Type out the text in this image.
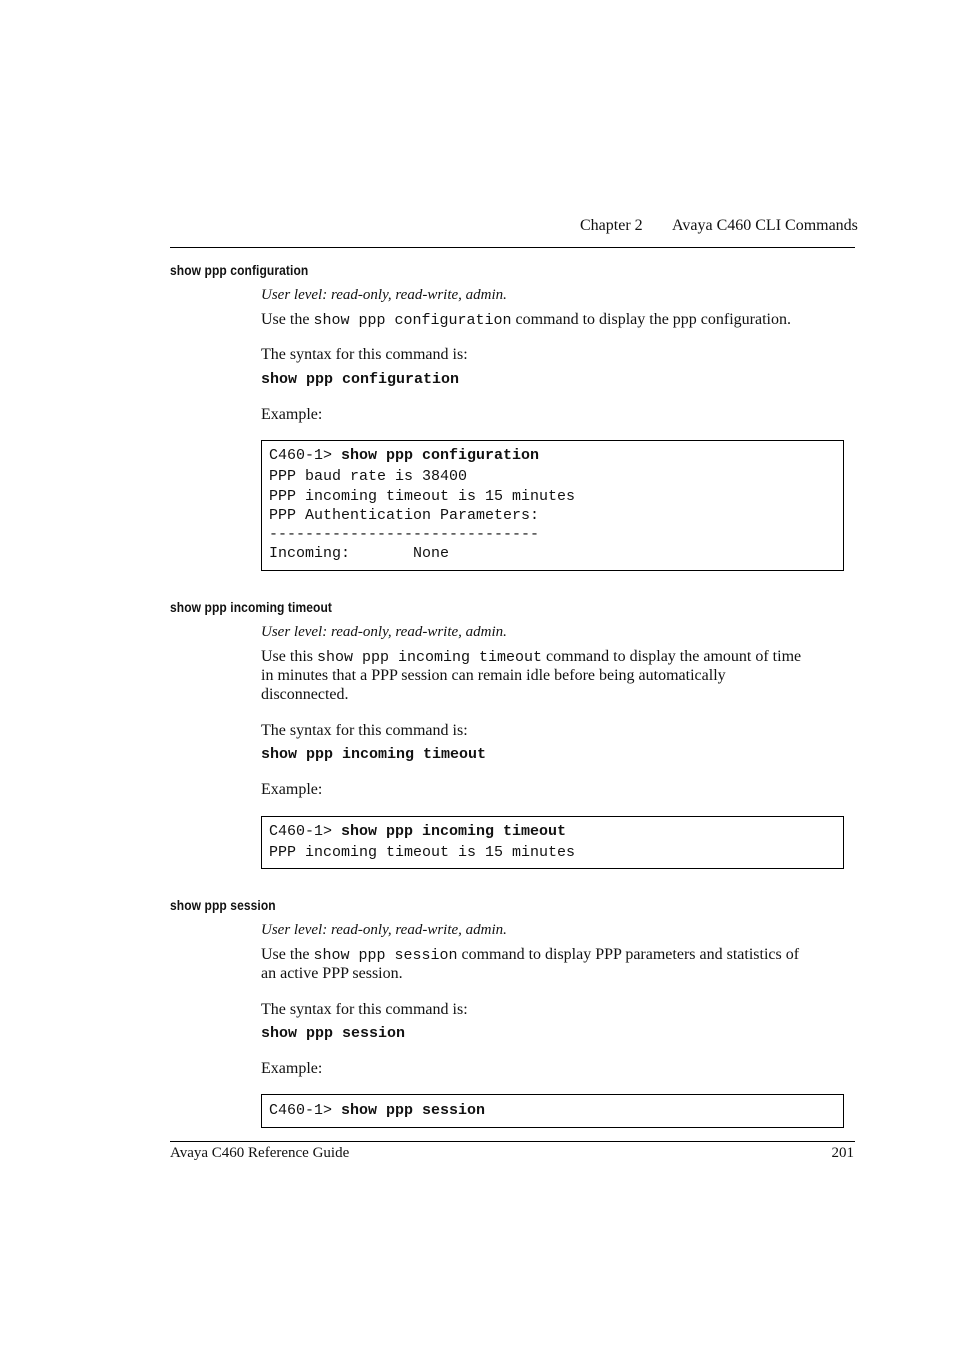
Chapter 2 Avaya C460 CLI Commands
show ppp configuration
User level: read-only, read-write, admin.
Use the show ppp configuration command to display the ppp configuration.
The syntax for this command is:
show ppp configuration
Example:
C460-1> show ppp configuration
PPP baud rate is 38400
PPP incoming timeout is 15 minutes
PPP Authentication Parameters:
------------------------------
Incoming:       None
show ppp incoming timeout
User level: read-only, read-write, admin.
Use this show ppp incoming timeout command to display the amount of time
in minutes that a PPP session can remain idle before being automatically
disconnected.
The syntax for this command is:
show ppp incoming timeout
Example:
C460-1> show ppp incoming timeout
PPP incoming timeout is 15 minutes
show ppp session
User level: read-only, read-write, admin.
Use the show ppp session command to display PPP parameters and statistics of
an active PPP session.
The syntax for this command is:
show ppp session
Example:
C460-1> show ppp session
Avaya C460 Reference Guide	201
